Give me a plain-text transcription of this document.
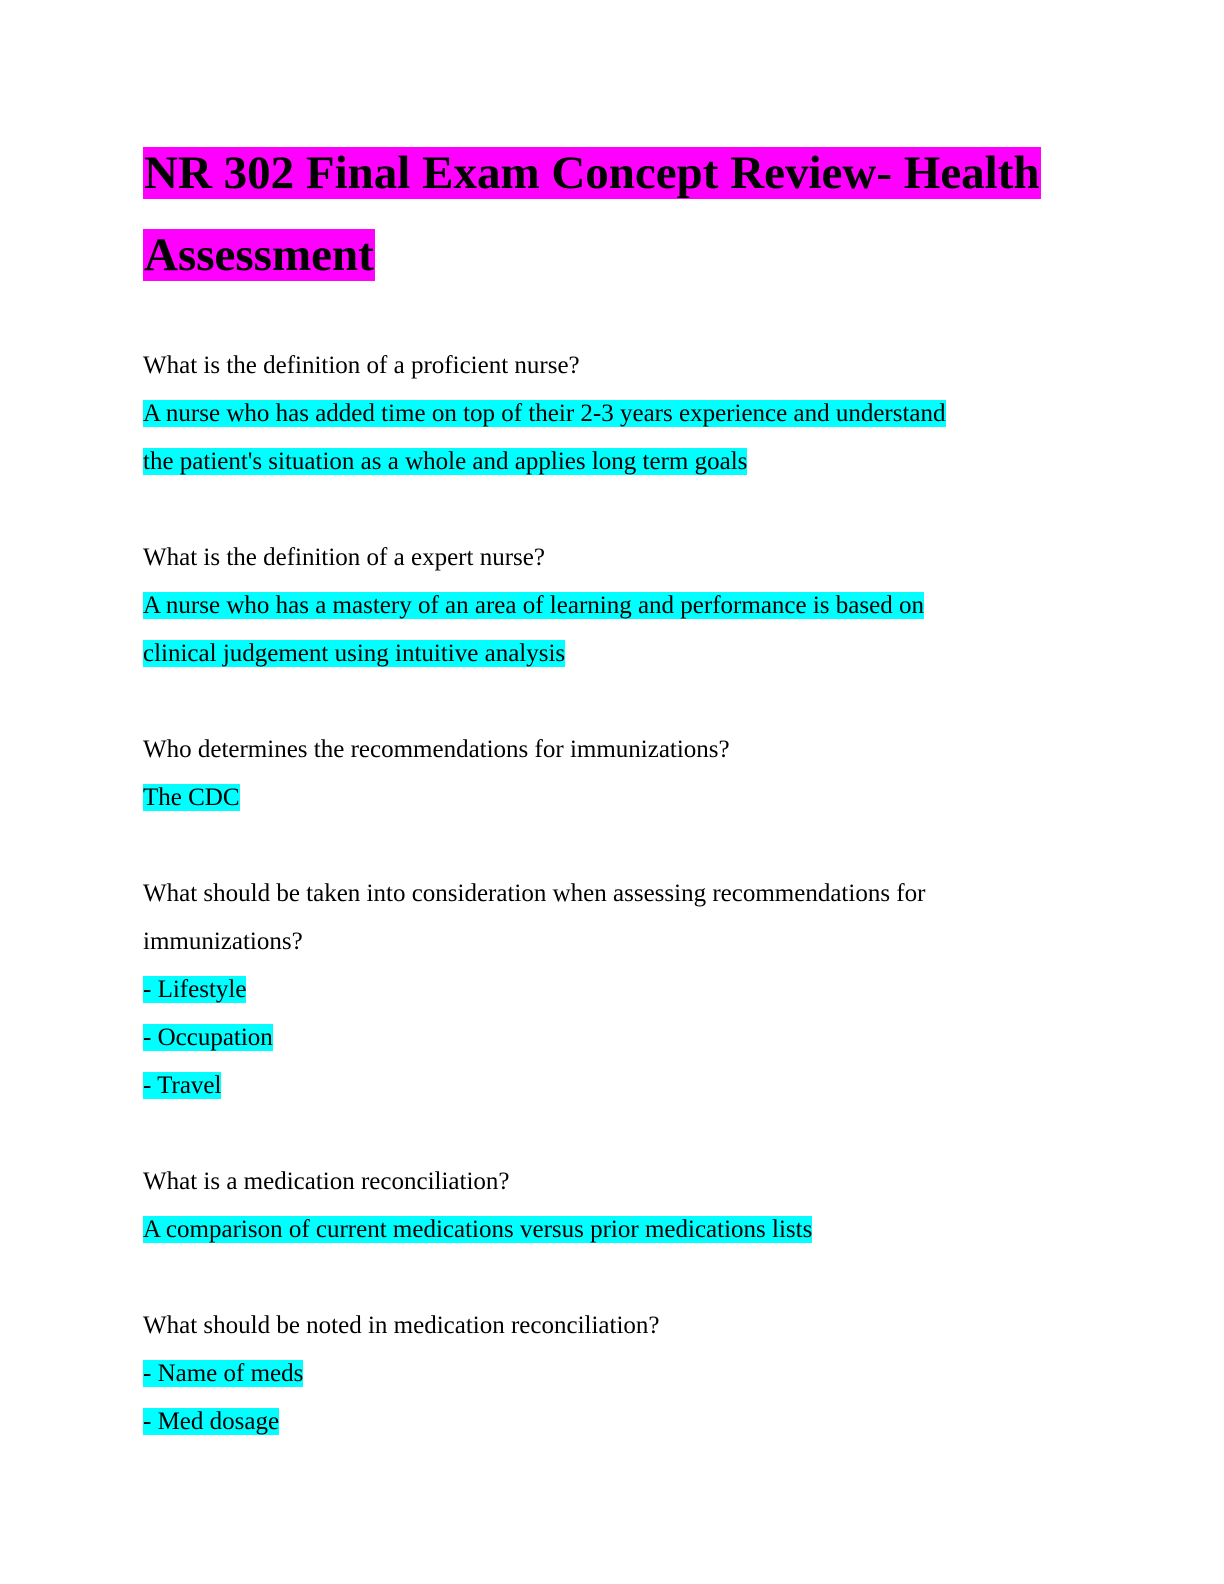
NR 302 Final Exam Concept Review- Health
Assessment
What is the definition of a proficient nurse?
A nurse who has added time on top of their 2-3 years experience and understand
the patient's situation as a whole and applies long term goals
What is the definition of a expert nurse?
A nurse who has a mastery of an area of learning and performance is based on
clinical judgement using intuitive analysis
Who determines the recommendations for immunizations?
The CDC
What should be taken into consideration when assessing recommendations for
immunizations?
- Lifestyle
- Occupation
- Travel
What is a medication reconciliation?
A comparison of current medications versus prior medications lists
What should be noted in medication reconciliation?
- Name of meds
- Med dosage
